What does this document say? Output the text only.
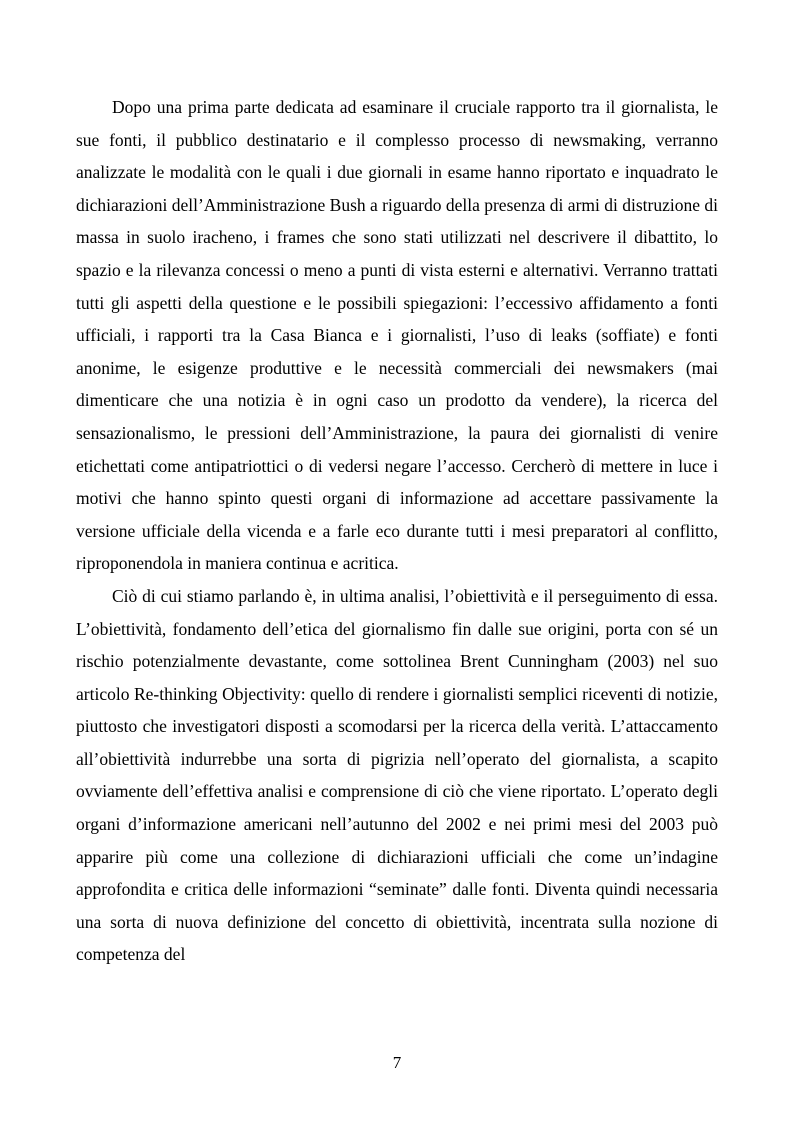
Dopo una prima parte dedicata ad esaminare il cruciale rapporto tra il giornalista, le sue fonti, il pubblico destinatario e il complesso processo di newsmaking, verranno analizzate le modalità con le quali i due giornali in esame hanno riportato e inquadrato le dichiarazioni dell’Amministrazione Bush a riguardo della presenza di armi di distruzione di massa in suolo iracheno, i frames che sono stati utilizzati nel descrivere il dibattito, lo spazio e la rilevanza concessi o meno a punti di vista esterni e alternativi. Verranno trattati tutti gli aspetti della questione e le possibili spiegazioni: l’eccessivo affidamento a fonti ufficiali, i rapporti tra la Casa Bianca e i giornalisti, l’uso di leaks (soffiate) e fonti anonime, le esigenze produttive e le necessità commerciali dei newsmakers (mai dimenticare che una notizia è in ogni caso un prodotto da vendere), la ricerca del sensazionalismo, le pressioni dell’Amministrazione, la paura dei giornalisti di venire etichettati come antipatriottici o di vedersi negare l’accesso. Cercherò di mettere in luce i motivi che hanno spinto questi organi di informazione ad accettare passivamente la versione ufficiale della vicenda e a farle eco durante tutti i mesi preparatori al conflitto, riproponendola in maniera continua e acritica.

Ciò di cui stiamo parlando è, in ultima analisi, l’obiettività e il perseguimento di essa. L’obiettività, fondamento dell’etica del giornalismo fin dalle sue origini, porta con sé un rischio potenzialmente devastante, come sottolinea Brent Cunningham (2003) nel suo articolo Re-thinking Objectivity: quello di rendere i giornalisti semplici riceventi di notizie, piuttosto che investigatori disposti a scomodarsi per la ricerca della verità. L’attaccamento all’obiettività indurrebbe una sorta di pigrizia nell’operato del giornalista, a scapito ovviamente dell’effettiva analisi e comprensione di ciò che viene riportato. L’operato degli organi d’informazione americani nell’autunno del 2002 e nei primi mesi del 2003 può apparire più come una collezione di dichiarazioni ufficiali che come un’indagine approfondita e critica delle informazioni “seminate” dalle fonti. Diventa quindi necessaria una sorta di nuova definizione del concetto di obiettività, incentrata sulla nozione di competenza del

7
